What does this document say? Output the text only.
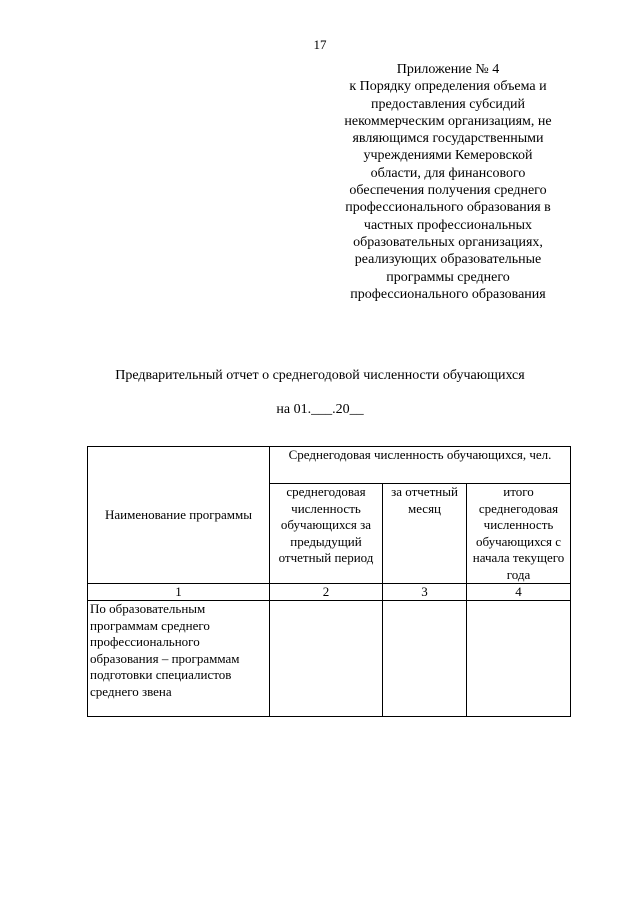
17
Приложение № 4
к Порядку определения объема и
предоставления субсидий
некоммерческим организациям, не
являющимся государственными
учреждениями Кемеровской
области, для финансового
обеспечения получения среднего
профессионального образования в
частных профессиональных
образовательных организациях,
реализующих образовательные
программы среднего
профессионального образования
Предварительный отчет о среднегодовой численности обучающихся
на 01.___.20__
Наименование программы	Среднегодовая численность обучающихся, чел.		
	среднегодовая численность обучающихся за предыдущий отчетный период	за отчетный месяц	итого среднегодовая численность обучающихся с начала текущего года
1	2	3	4
По образовательным программам среднего профессионального образования – программам подготовки специалистов среднего звена			
